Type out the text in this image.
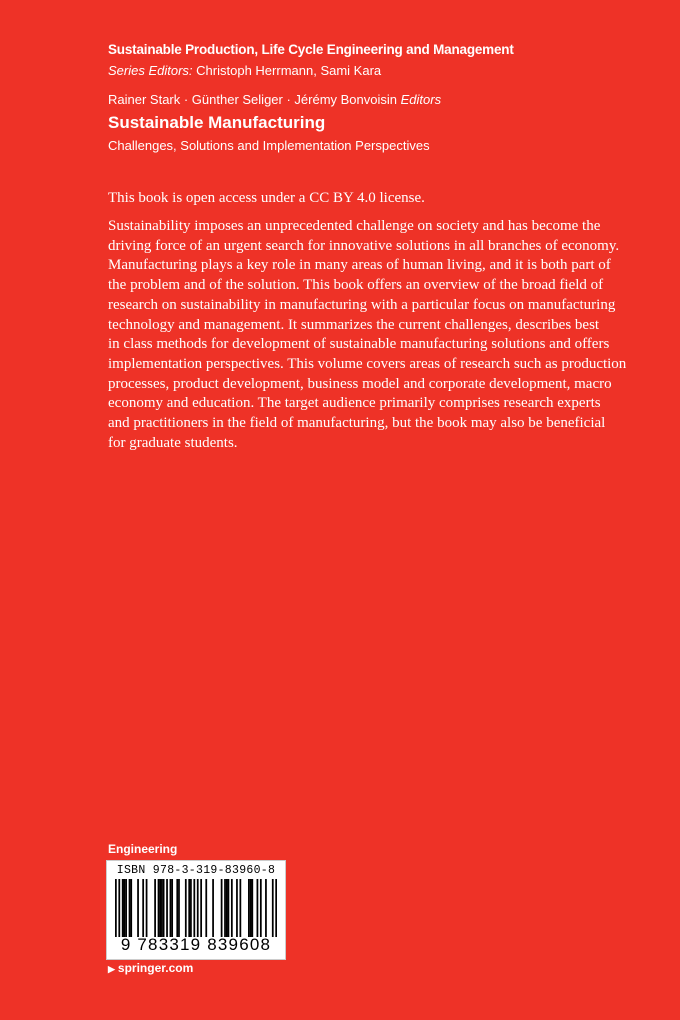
Sustainable Production, Life Cycle Engineering and Management
Series Editors: Christoph Herrmann, Sami Kara
Rainer Stark · Günther Seliger · Jérémy Bonvoisin Editors
Sustainable Manufacturing
Challenges, Solutions and Implementation Perspectives
This book is open access under a CC BY 4.0 license.
Sustainability imposes an unprecedented challenge on society and has become the
driving force of an urgent search for innovative solutions in all branches of economy.
Manufacturing plays a key role in many areas of human living, and it is both part of
the problem and of the solution. This book offers an overview of the broad field of
research on sustainability in manufacturing with a particular focus on manufacturing
technology and management. It summarizes the current challenges, describes best
in class methods for development of sustainable manufacturing solutions and offers
implementation perspectives. This volume covers areas of research such as production
processes, product development, business model and corporate development, macro
economy and education. The target audience primarily comprises research experts
and practitioners in the field of manufacturing, but the book may also be beneficial
for graduate students.
Engineering
ISBN 978-3-319-83960-8
9 783319 839608
▶ springer.com
